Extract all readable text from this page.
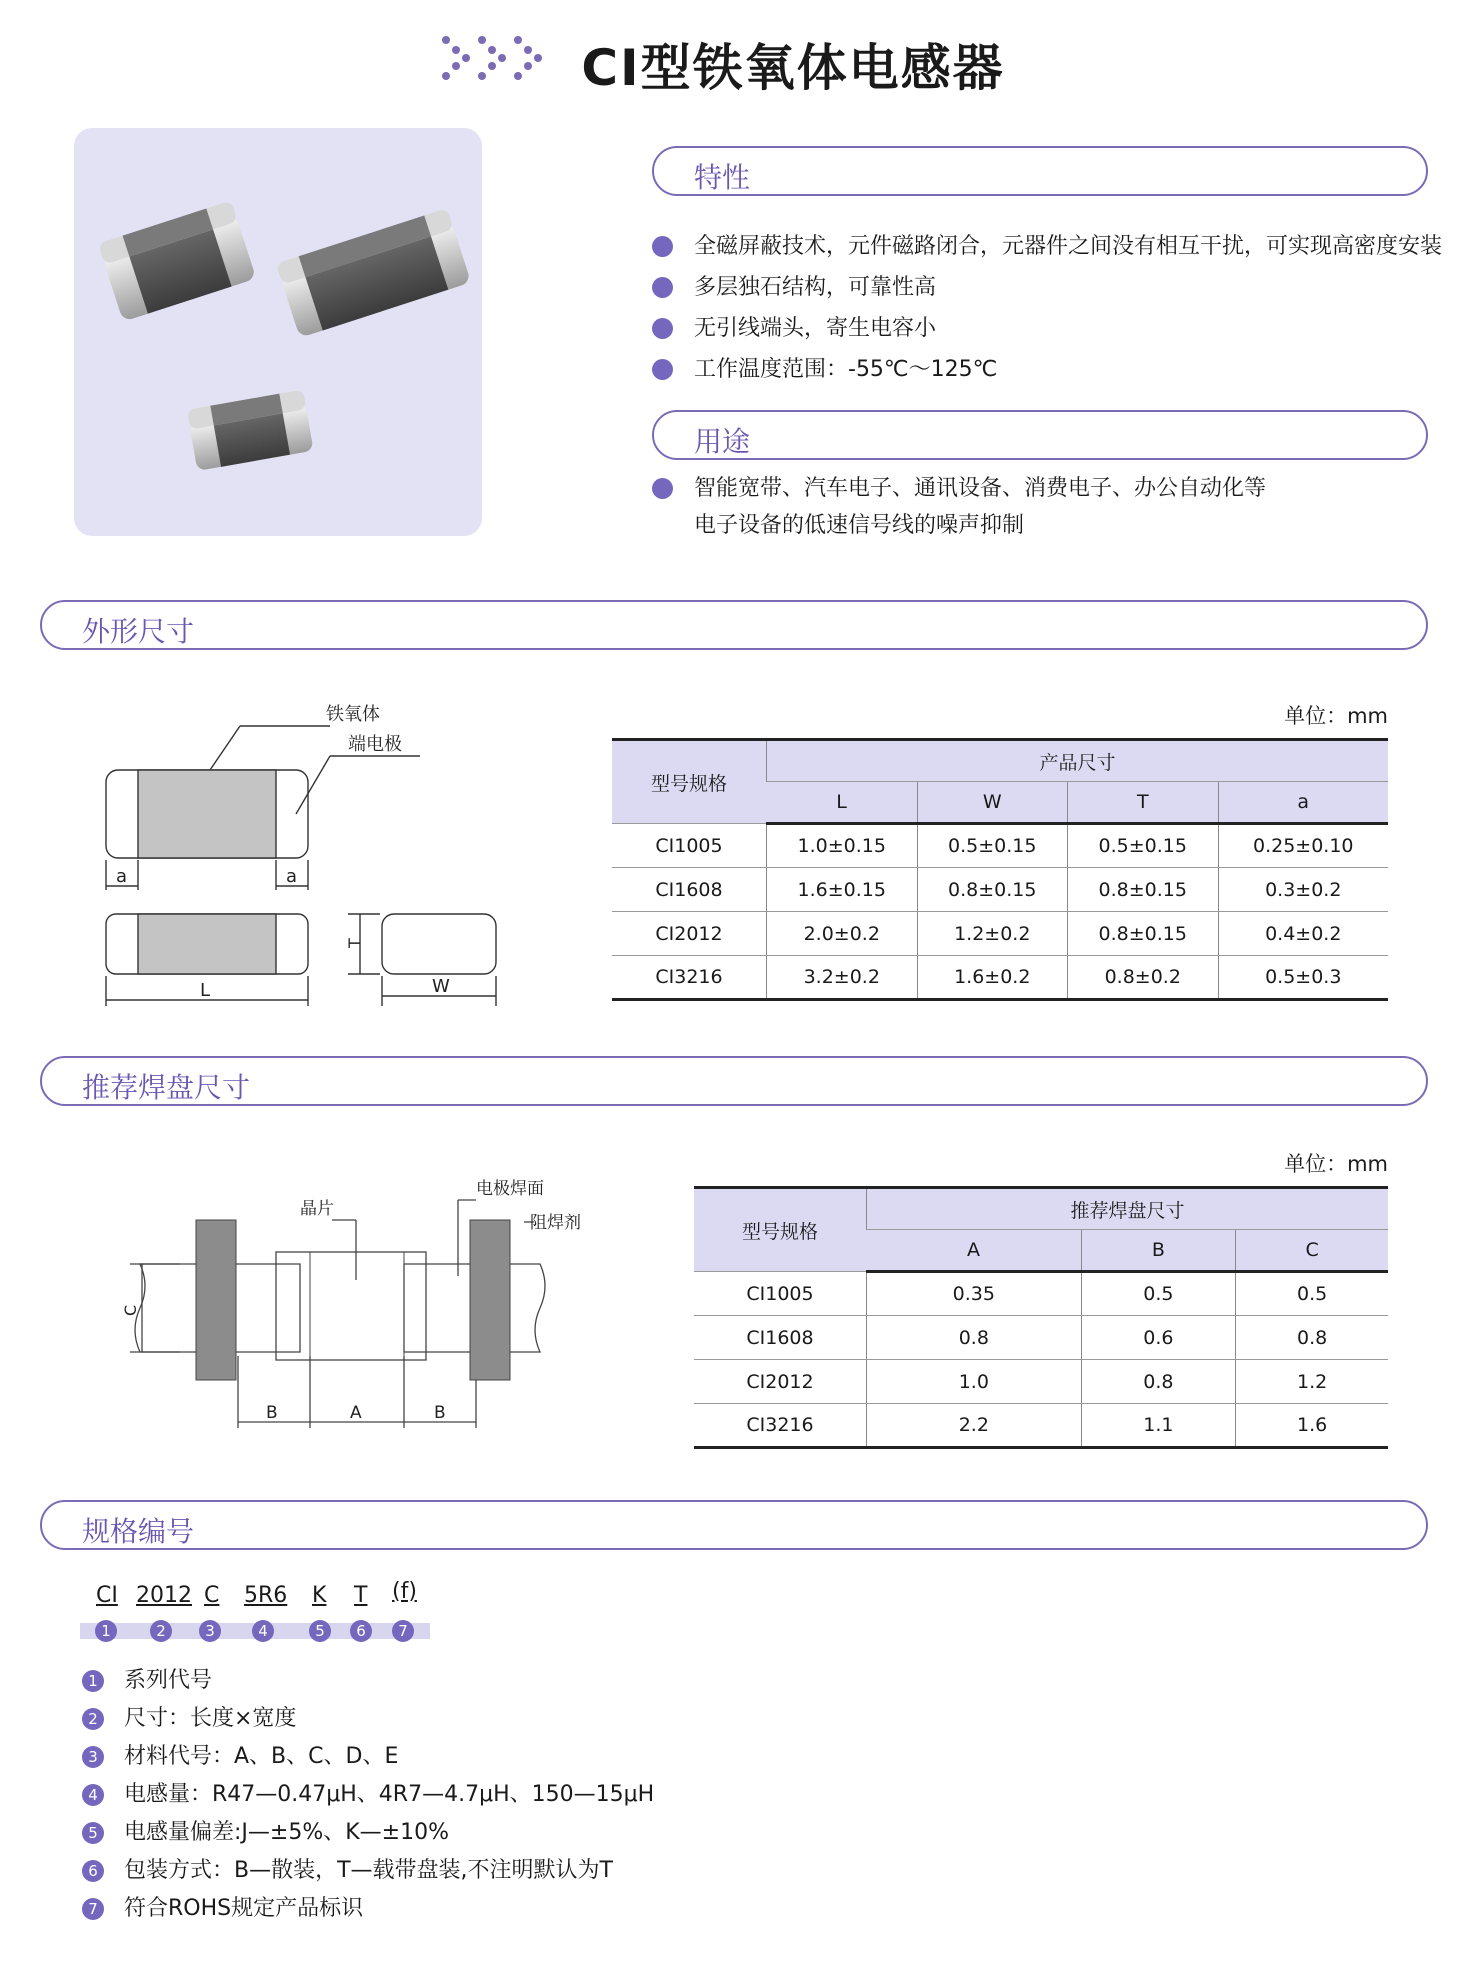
CI型铁氧体电感器
特性
全磁屏蔽技术，元件磁路闭合，元器件之间没有相互干扰，可实现高密度安装
多层独石结构，可靠性高
无引线端头，寄生电容小
工作温度范围：-55℃～125℃
用途
智能宽带、汽车电子、通讯设备、消费电子、办公自动化等
电子设备的低速信号线的噪声抑制
外形尺寸
铁氧体
端电极
a	a
L
T
W
单位：mm
型号规格	产品尺寸			
	L	W	T	a
CI1005	1.0±0.15	0.5±0.15	0.5±0.15	0.25±0.10
CI1608	1.6±0.15	0.8±0.15	0.8±0.15	0.3±0.2
CI2012	2.0±0.2	1.2±0.2	0.8±0.15	0.4±0.2
CI3216	3.2±0.2	1.6±0.2	0.8±0.2	0.5±0.3
推荐焊盘尺寸
晶片
电极焊面
阻焊剂
C
B	A	B
单位：mm
型号规格	推荐焊盘尺寸		
	A	B	C
CI1005	0.35	0.5	0.5
CI1608	0.8	0.6	0.8
CI2012	1.0	0.8	1.2
CI3216	2.2	1.1	1.6
规格编号
CI 2012 C 5R6 K T (f)
1	2	3	4	5	6	7
1 系列代号
2 尺寸：长度×宽度
3 材料代号：A、B、C、D、E
4 电感量：R47—0.47μH、4R7—4.7μH、150—15μH
5 电感量偏差:J—±5%、K—±10%
6 包装方式：B—散装，T—载带盘装,不注明默认为T
7 符合ROHS规定产品标识
